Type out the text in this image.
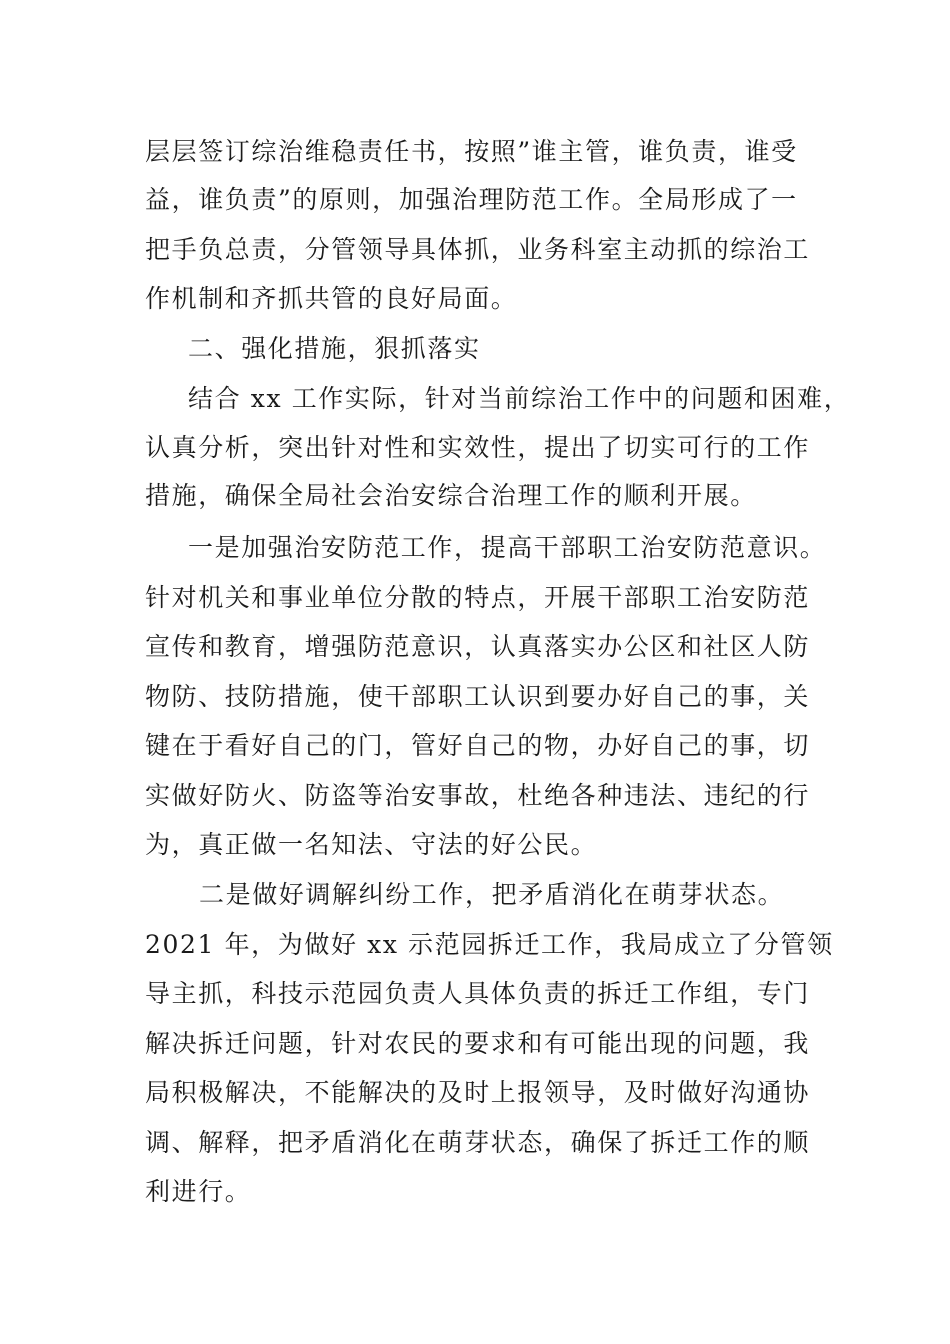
层层签订综治维稳责任书，按照”谁主管，谁负责，谁受
益，谁负责”的原则，加强治理防范工作。全局形成了一
把手负总责，分管领导具体抓，业务科室主动抓的综治工
作机制和齐抓共管的良好局面。
二、强化措施，狠抓落实
结合 xx 工作实际，针对当前综治工作中的问题和困难，
认真分析，突出针对性和实效性，提出了切实可行的工作
措施，确保全局社会治安综合治理工作的顺利开展。
一是加强治安防范工作，提高干部职工治安防范意识。
针对机关和事业单位分散的特点，开展干部职工治安防范
宣传和教育，增强防范意识，认真落实办公区和社区人防
物防、技防措施，使干部职工认识到要办好自己的事，关
键在于看好自己的门，管好自己的物，办好自己的事，切
实做好防火、防盗等治安事故，杜绝各种违法、违纪的行
为，真正做一名知法、守法的好公民。
二是做好调解纠纷工作，把矛盾消化在萌芽状态。
2021 年，为做好 xx 示范园拆迁工作，我局成立了分管领
导主抓，科技示范园负责人具体负责的拆迁工作组，专门
解决拆迁问题，针对农民的要求和有可能出现的问题，我
局积极解决，不能解决的及时上报领导，及时做好沟通协
调、解释，把矛盾消化在萌芽状态，确保了拆迁工作的顺
利进行。
